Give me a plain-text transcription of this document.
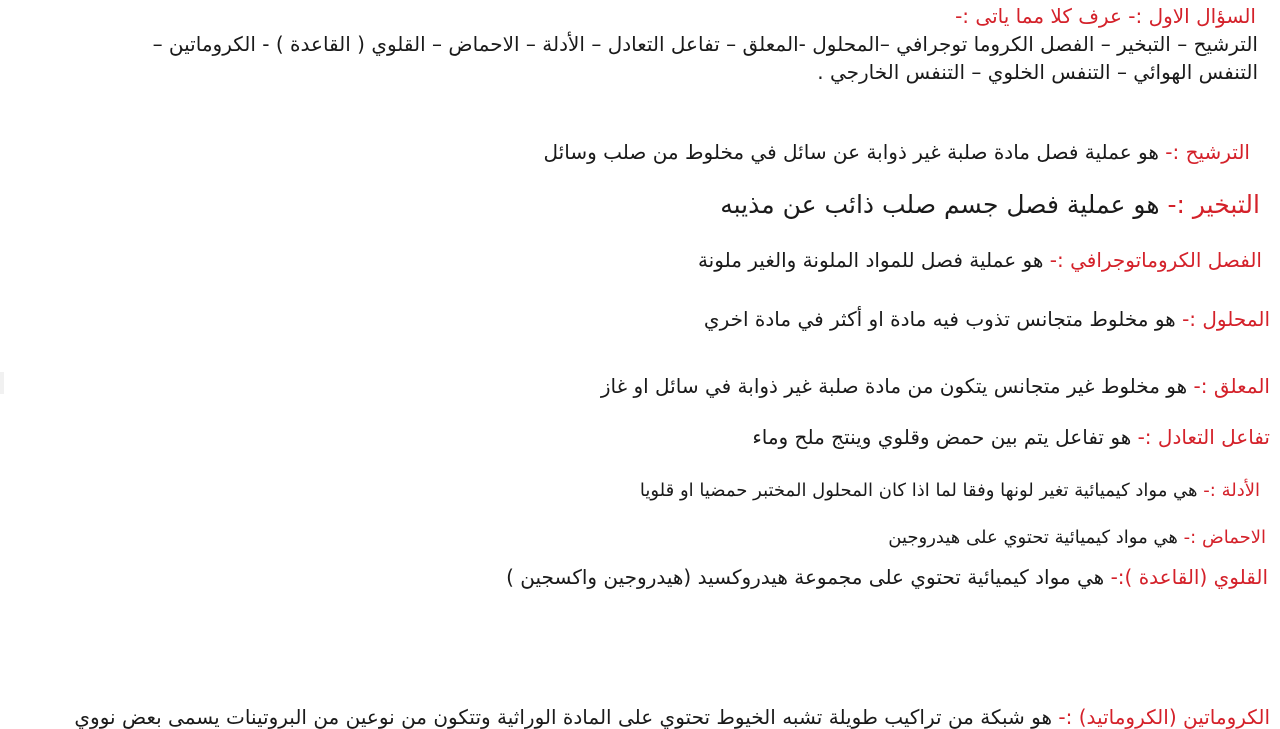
السؤال الاول :- عرف كلا مما ياتى :-
الترشيح – التبخير – الفصل الكروما توجرافي –المحلول -المعلق – تفاعل التعادل – الأدلة – الاحماض – القلوي ( القاعدة ) - الكروماتين –
التنفس الهوائي – التنفس الخلوي – التنفس الخارجي .
الترشيح :- هو عملية فصل مادة صلبة غير ذوابة عن سائل في مخلوط من صلب وسائل
التبخير :- هو عملية فصل جسم صلب ذائب عن مذيبه
الفصل الكروماتوجرافي :- هو عملية فصل للمواد الملونة والغير ملونة
المحلول :- هو مخلوط متجانس تذوب فيه مادة او أكثر في مادة اخري
المعلق :- هو مخلوط غير متجانس يتكون من مادة صلبة غير ذوابة في سائل او غاز
تفاعل التعادل :- هو تفاعل يتم بين حمض وقلوي وينتج ملح وماء
الأدلة :- هي مواد كيميائية تغير لونها وفقا لما اذا كان المحلول المختبر حمضيا او قلويا
الاحماض :- هي مواد كيميائية تحتوي على هيدروجين
القلوي (القاعدة ):- هي مواد كيميائية تحتوي على مجموعة هيدروكسيد (هيدروجين واكسجين )
الكروماتين (الكروماتيد) :- هو شبكة من تراكيب طويلة تشبه الخيوط تحتوي على المادة الوراثية وتتكون من نوعين من البروتينات يسمى بعض نووي
